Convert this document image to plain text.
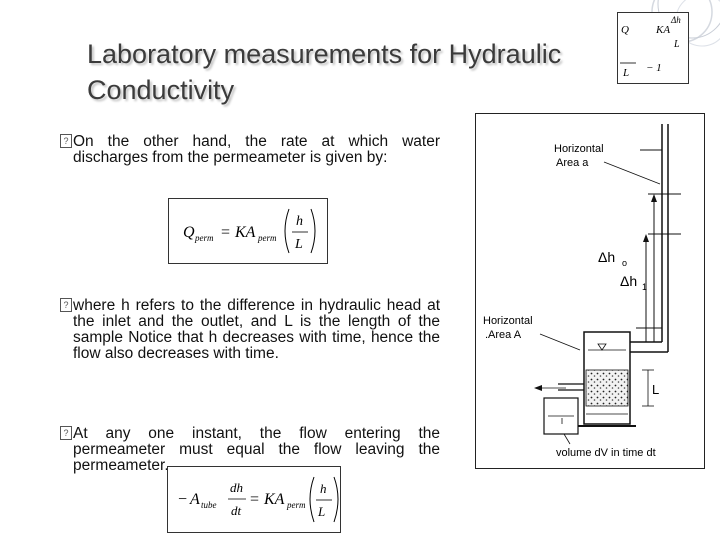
Q
L
KA
Δh
L
− 1
Laboratory measurements for Hydraulic Conductivity
? On the other hand, the rate at which water discharges from the permeameter is given by:
Q perm = KA perm
h
L
? where h refers to the difference in hydraulic head at the inlet and the outlet, and L is the length of the sample Notice that h decreases with time, hence the flow also decreases with time.
? At any one instant, the flow entering the permeameter must equal the flow leaving the permeameter.
− A tube
dh
dt
= KA perm
h
L
Horizontal
Area a
Δh o
Δh 1
Horizontal
.Area A
L
volume dV in time dt
